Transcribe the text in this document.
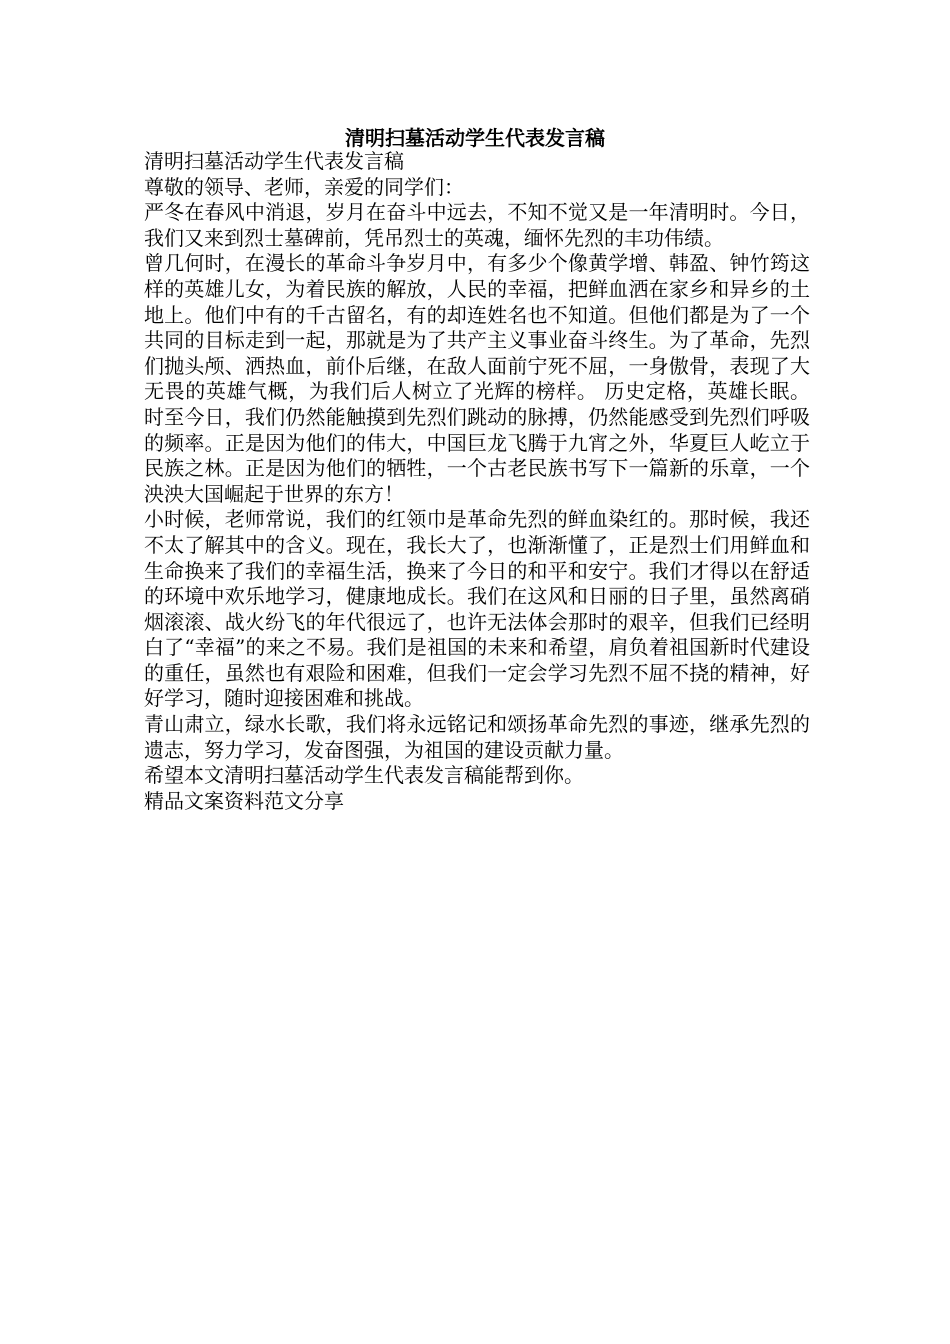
清明扫墓活动学生代表发言稿

清明扫墓活动学生代表发言稿

尊敬的领导、老师，亲爱的同学们：

严冬在春风中消退，岁月在奋斗中远去，不知不觉又是一年清明时。今日，我们又来到烈士墓碑前，凭吊烈士的英魂，缅怀先烈的丰功伟绩。

曾几何时，在漫长的革命斗争岁月中，有多少个像黄学增、韩盈、钟竹筠这样的英雄儿女，为着民族的解放，人民的幸福，把鲜血洒在家乡和异乡的土地上。他们中有的千古留名，有的却连姓名也不知道。但他们都是为了一个共同的目标走到一起，那就是为了共产主义事业奋斗终生。为了革命，先烈们抛头颅、洒热血，前仆后继，在敌人面前宁死不屈，一身傲骨，表现了大无畏的英雄气概，为我们后人树立了光辉的榜样。 历史定格，英雄长眠。时至今日，我们仍然能触摸到先烈们跳动的脉搏，仍然能感受到先烈们呼吸的频率。正是因为他们的伟大，中国巨龙飞腾于九宵之外，华夏巨人屹立于民族之林。正是因为他们的牺牲，一个古老民族书写下一篇新的乐章，一个泱泱大国崛起于世界的东方！

小时候，老师常说，我们的红领巾是革命先烈的鲜血染红的。那时候，我还不太了解其中的含义。现在，我长大了，也渐渐懂了，正是烈士们用鲜血和生命换来了我们的幸福生活，换来了今日的和平和安宁。我们才得以在舒适的环境中欢乐地学习，健康地成长。我们在这风和日丽的日子里，虽然离硝烟滚滚、战火纷飞的年代很远了，也许无法体会那时的艰辛，但我们已经明白了“幸福”的来之不易。我们是祖国的未来和希望，肩负着祖国新时代建设的重任，虽然也有艰险和困难，但我们一定会学习先烈不屈不挠的精神，好好学习，随时迎接困难和挑战。

青山肃立，绿水长歌，我们将永远铭记和颂扬革命先烈的事迹，继承先烈的遗志，努力学习，发奋图强，为祖国的建设贡献力量。

希望本文清明扫墓活动学生代表发言稿能帮到你。

精品文案资料范文分享
